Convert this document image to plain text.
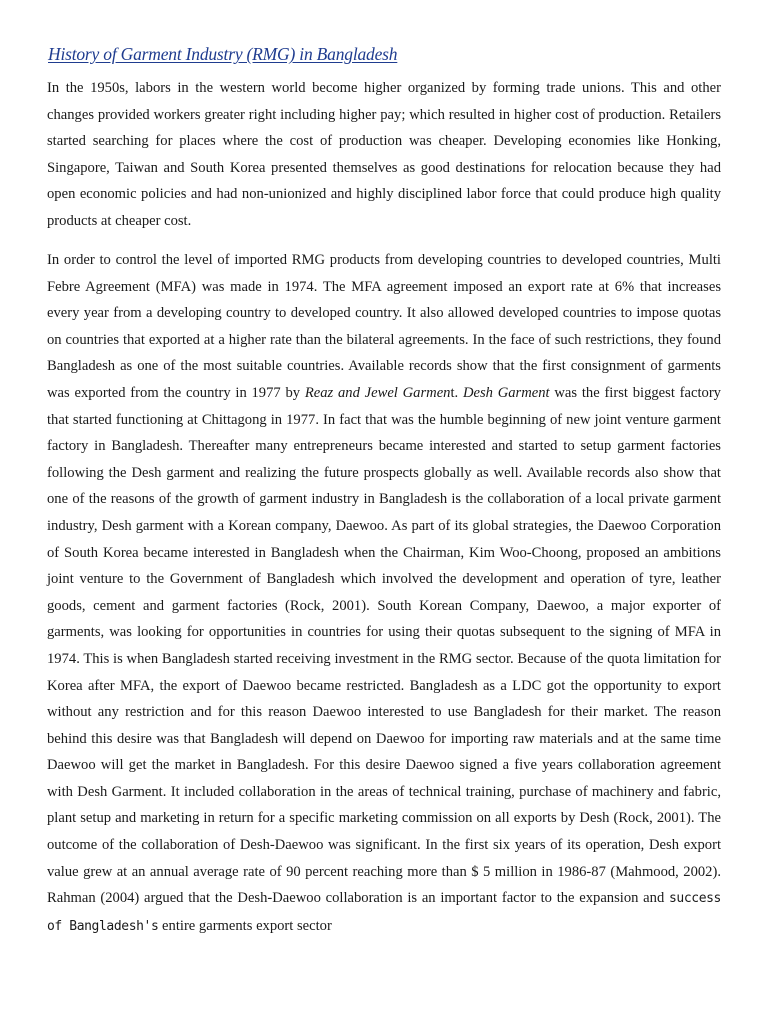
History of Garment Industry (RMG) in Bangladesh

In the 1950s, labors in the western world become higher organized by forming trade unions. This and other changes provided workers greater right including higher pay; which resulted in higher cost of production. Retailers started searching for places where the cost of production was cheaper. Developing economies like Honking, Singapore, Taiwan and South Korea presented themselves as good destinations for relocation because they had open economic policies and had non-unionized and highly disciplined labor force that could produce high quality products at cheaper cost.

In order to control the level of imported RMG products from developing countries to developed countries, Multi Febre Agreement (MFA) was made in 1974. The MFA agreement imposed an export rate at 6% that increases every year from a developing country to developed country. It also allowed developed countries to impose quotas on countries that exported at a higher rate than the bilateral agreements. In the face of such restrictions, they found Bangladesh as one of the most suitable countries. Available records show that the first consignment of garments was exported from the country in 1977 by Reaz and Jewel Garment. Desh Garment was the first biggest factory that started functioning at Chittagong in 1977. In fact that was the humble beginning of new joint venture garment factory in Bangladesh. Thereafter many entrepreneurs became interested and started to setup garment factories following the Desh garment and realizing the future prospects globally as well. Available records also show that one of the reasons of the growth of garment industry in Bangladesh is the collaboration of a local private garment industry, Desh garment with a Korean company, Daewoo. As part of its global strategies, the Daewoo Corporation of South Korea became interested in Bangladesh when the Chairman, Kim Woo-Choong, proposed an ambitions joint venture to the Government of Bangladesh which involved the development and operation of tyre, leather goods, cement and garment factories (Rock, 2001). South Korean Company, Daewoo, a major exporter of garments, was looking for opportunities in countries for using their quotas subsequent to the signing of MFA in 1974. This is when Bangladesh started receiving investment in the RMG sector. Because of the quota limitation for Korea after MFA, the export of Daewoo became restricted. Bangladesh as a LDC got the opportunity to export without any restriction and for this reason Daewoo interested to use Bangladesh for their market. The reason behind this desire was that Bangladesh will depend on Daewoo for importing raw materials and at the same time Daewoo will get the market in Bangladesh. For this desire Daewoo signed a five years collaboration agreement with Desh Garment. It included collaboration in the areas of technical training, purchase of machinery and fabric, plant setup and marketing in return for a specific marketing commission on all exports by Desh (Rock, 2001). The outcome of the collaboration of Desh-Daewoo was significant. In the first six years of its operation, Desh export value grew at an annual average rate of 90 percent reaching more than $ 5 million in 1986-87 (Mahmood, 2002). Rahman (2004) argued that the Desh-Daewoo collaboration is an important factor to the expansion and success of Bangladesh's entire garments export sector
